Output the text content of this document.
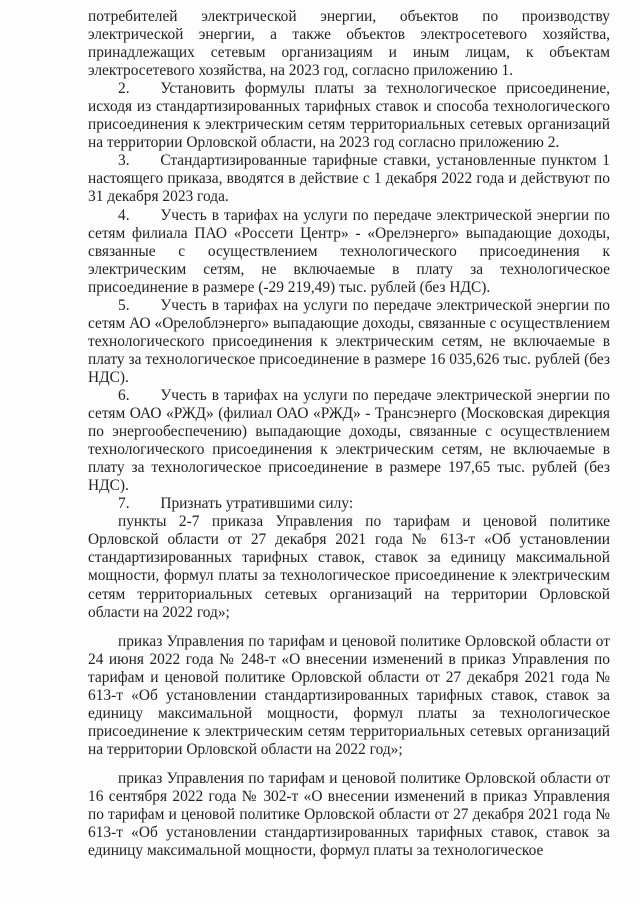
потребителей электрической энергии, объектов по производству электрической энергии, а также объектов электросетевого хозяйства, принадлежащих сетевым организациям и иным лицам, к объектам электросетевого хозяйства, на 2023 год, согласно приложению 1.

2.  Установить формулы платы за технологическое присоединение, исходя из стандартизированных тарифных ставок и способа технологического присоединения к электрическим сетям территориальных сетевых организаций на территории Орловской области, на 2023 год согласно приложению 2.

3.  Стандартизированные тарифные ставки, установленные пунктом 1 настоящего приказа, вводятся в действие с 1 декабря 2022 года и действуют по 31 декабря 2023 года.

4.  Учесть в тарифах на услуги по передаче электрической энергии по сетям филиала ПАО «Россети Центр» - «Орелэнерго» выпадающие доходы, связанные с осуществлением технологического присоединения к электрическим сетям, не включаемые в плату за технологическое присоединение в размере (-29 219,49) тыс. рублей (без НДС).

5.  Учесть в тарифах на услуги по передаче электрической энергии по сетям АО «Орелоблэнерго» выпадающие доходы, связанные с осуществлением технологического присоединения к электрическим сетям, не включаемые в плату за технологическое присоединение в размере 16 035,626 тыс. рублей (без НДС).

6.  Учесть в тарифах на услуги по передаче электрической энергии по сетям ОАО «РЖД» (филиал ОАО «РЖД» - Трансэнерго (Московская дирекция по энергообеспечению) выпадающие доходы, связанные с осуществлением технологического присоединения к электрическим сетям, не включаемые в плату за технологическое присоединение в размере 197,65 тыс. рублей (без НДС).

7.  Признать утратившими силу:

пункты 2-7 приказа Управления по тарифам и ценовой политике Орловской области от 27 декабря 2021 года № 613-т «Об установлении стандартизированных тарифных ставок, ставок за единицу максимальной мощности, формул платы за технологическое присоединение к электрическим сетям территориальных сетевых организаций на территории Орловской области на 2022 год»;

приказ Управления по тарифам и ценовой политике Орловской области от 24 июня 2022 года № 248-т «О внесении изменений в приказ Управления по тарифам и ценовой политике Орловской области от 27 декабря 2021 года № 613-т «Об установлении стандартизированных тарифных ставок, ставок за единицу максимальной мощности, формул платы за технологическое присоединение к электрическим сетям территориальных сетевых организаций на территории Орловской области на 2022 год»;

приказ Управления по тарифам и ценовой политике Орловской области от 16 сентября 2022 года № 302-т «О внесении изменений в приказ Управления по тарифам и ценовой политике Орловской области от 27 декабря 2021 года № 613-т «Об установлении стандартизированных тарифных ставок, ставок за единицу максимальной мощности, формул платы за технологическое
